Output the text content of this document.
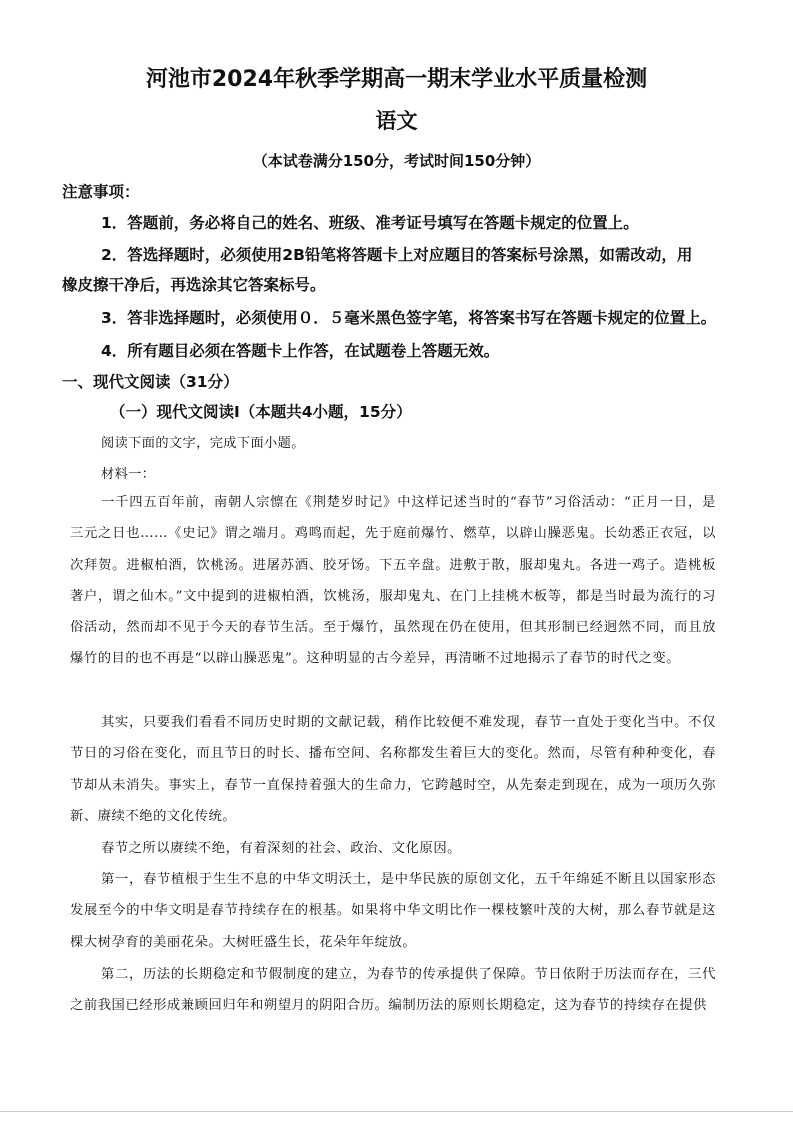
河池市2024年秋季学期高一期末学业水平质量检测
语文
（本试卷满分150分，考试时间150分钟）
注意事项：
1．答题前，务必将自己的姓名、班级、准考证号填写在答题卡规定的位置上。
2．答选择题时，必须使用2B铅笔将答题卡上对应题目的答案标号涂黑，如需改动，用
橡皮擦干净后，再选涂其它答案标号。
3．答非选择题时，必须使用０．５毫米黑色签字笔，将答案书写在答题卡规定的位置上。
4．所有题目必须在答题卡上作答，在试题卷上答题无效。
一、现代文阅读（31分）
（一）现代文阅读Ⅰ（本题共4小题，15分）
阅读下面的文字，完成下面小题。
材料一：

一千四五百年前，南朝人宗懔在《荆楚岁时记》中这样记述当时的“春节”习俗活动：“正月一日，是三元之日也……《史记》谓之端月。鸡鸣而起，先于庭前爆竹、燃草，以辟山臊恶鬼。长幼悉正衣冠，以次拜贺。进椒柏酒，饮桃汤。进屠苏酒、胶牙饧。下五辛盘。进敷于散，服却鬼丸。各进一鸡子。造桃板著户，谓之仙木。”文中提到的进椒柏酒，饮桃汤，服却鬼丸、在门上挂桃木板等，都是当时最为流行的习俗活动，然而却不见于今天的春节生活。至于爆竹，虽然现在仍在使用，但其形制已经迥然不同，而且放爆竹的目的也不再是“以辟山臊恶鬼”。这种明显的古今差异，再清晰不过地揭示了春节的时代之变。

其实，只要我们看看不同历史时期的文献记载，稍作比较便不难发现，春节一直处于变化当中。不仅节日的习俗在变化，而且节日的时长、播布空间、名称都发生着巨大的变化。然而，尽管有种种变化，春节却从未消失。事实上，春节一直保持着强大的生命力，它跨越时空，从先秦走到现在，成为一项历久弥新、赓续不绝的文化传统。

春节之所以赓续不绝，有着深刻的社会、政治、文化原因。

第一，春节植根于生生不息的中华文明沃土，是中华民族的原创文化，五千年绵延不断且以国家形态发展至今的中华文明是春节持续存在的根基。如果将中华文明比作一棵枝繁叶茂的大树，那么春节就是这棵大树孕育的美丽花朵。大树旺盛生长，花朵年年绽放。

第二，历法的长期稳定和节假制度的建立，为春节的传承提供了保障。节日依附于历法而存在，三代之前我国已经形成兼顾回归年和朔望月的阴阳合历。编制历法的原则长期稳定，这为春节的持续存在提供
